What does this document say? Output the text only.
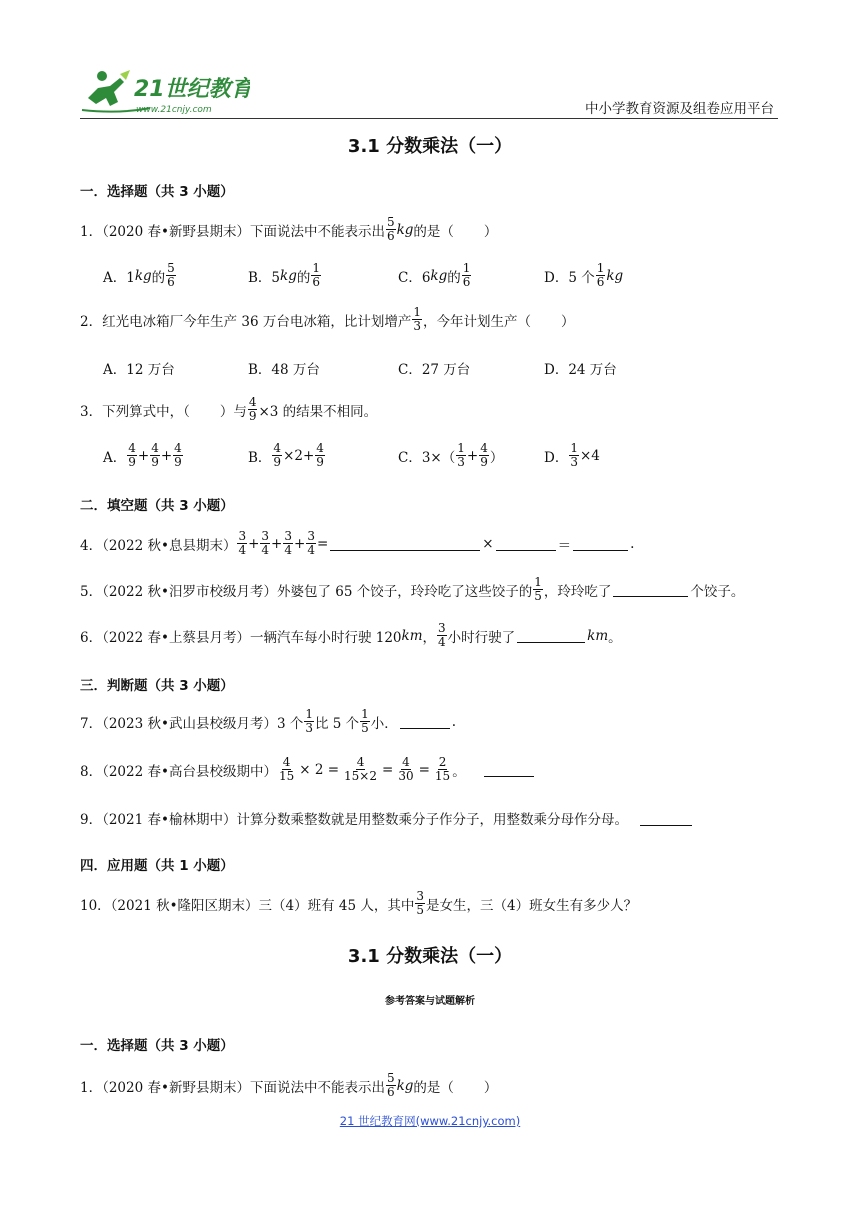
21世纪教育
www.21cnjy.com	中小学教育资源及组卷应用平台
3.1 分数乘法（一）
一．选择题（共 3 小题）
1．（2020 春•新野县期末）下面说法中不能表示出 $\frac{5}{6}$ kg 的是（ ）
A．1 kg 的 $\frac{5}{6}$	B．5 kg 的 $\frac{1}{6}$	C．6 kg 的 $\frac{1}{6}$	D．5 个 $\frac{1}{6}$ kg
2．红光电冰箱厂今年生产 36 万台电冰箱，比计划增产 $\frac{1}{3}$ ，今年计划生产（ ）
A．12 万台	B．48 万台	C．27 万台	D．24 万台
3．下列算式中，（ ）与 $\frac{4}{9} \times 3$ 的结果不相同。
A． $\frac{4}{9} + \frac{4}{9} + \frac{4}{9}$	B． $\frac{4}{9} \times 2+ \frac{4}{9}$	C．$3\times( \frac{1}{3} + \frac{4}{9}$ ）	D． $\frac{1}{3} \times 4$
二．填空题（共 3 小题）
4．（2022 秋•息县期末） $\frac{3}{4} + \frac{3}{4} + \frac{3}{4} + \frac{3}{4}$ =	×	＝	.
5．（2022 秋•汨罗市校级月考）外婆包了 65 个饺子，玲玲吃了这些饺子的 $\frac{1}{5}$ ，玲玲吃了	个饺子。
6．（2022 春•上蔡县月考）一辆汽车每小时行驶 120 km ， $\frac{3}{4}$ 小时行驶了	km 。
三．判断题（共 3 小题）
7．（2023 秋•武山县校级月考）3 个 $\frac{1}{3}$ 比 5 个 $\frac{1}{5}$ 小．	.
8．（2022 春•高台县校级期中） $\frac{4}{15} \times 2 = \frac{4}{15\times 2} = \frac{4}{30} = \frac{2}{15}$ 。
9．（2021 春•榆林期中）计算分数乘整数就是用整数乘分子作分子，用整数乘分母作分母。
四．应用题（共 1 小题）
10．（2021 秋•隆阳区期末）三（4）班有 45 人，其中 $\frac{3}{5}$ 是女生，三（4）班女生有多少人？
3.1 分数乘法（一）
参考答案与试题解析
一．选择题（共 3 小题）
1．（2020 春•新野县期末）下面说法中不能表示出 $\frac{5}{6}$ kg 的是（ ）
21 世纪教育网(www.21cnjy.com)
